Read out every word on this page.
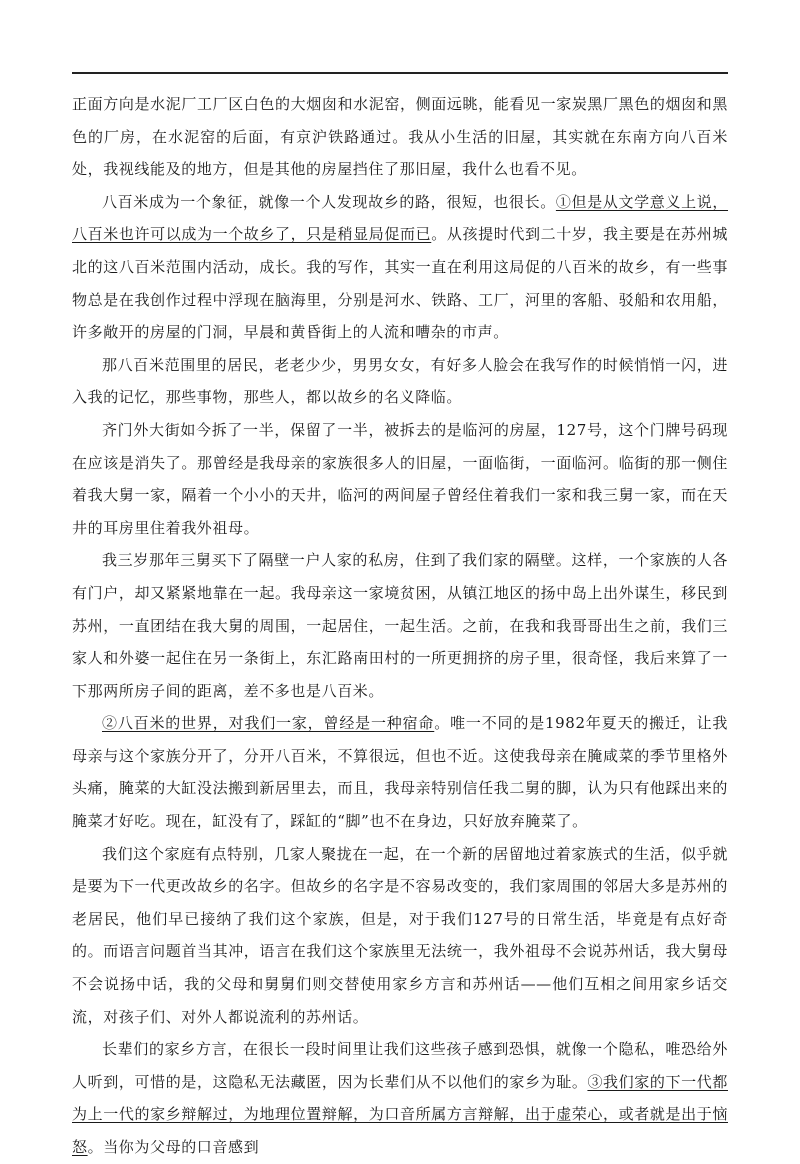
正面方向是水泥厂工厂区白色的大烟囱和水泥窑，侧面远眺，能看见一家炭黑厂黑色的烟囱和黑色的厂房，在水泥窑的后面，有京沪铁路通过。我从小生活的旧屋，其实就在东南方向八百米处，我视线能及的地方，但是其他的房屋挡住了那旧屋，我什么也看不见。

八百米成为一个象征，就像一个人发现故乡的路，很短，也很长。①但是从文学意义上说，八百米也许可以成为一个故乡了，只是稍显局促而已。从孩提时代到二十岁，我主要是在苏州城北的这八百米范围内活动，成长。我的写作，其实一直在利用这局促的八百米的故乡，有一些事物总是在我创作过程中浮现在脑海里，分别是河水、铁路、工厂，河里的客船、驳船和农用船，许多敞开的房屋的门洞，早晨和黄昏街上的人流和嘈杂的市声。

那八百米范围里的居民，老老少少，男男女女，有好多人脸会在我写作的时候悄悄一闪，进入我的记忆，那些事物，那些人，都以故乡的名义降临。

齐门外大街如今拆了一半，保留了一半，被拆去的是临河的房屋，127号，这个门牌号码现在应该是消失了。那曾经是我母亲的家族很多人的旧屋，一面临街，一面临河。临街的那一侧住着我大舅一家，隔着一个小小的天井，临河的两间屋子曾经住着我们一家和我三舅一家，而在天井的耳房里住着我外祖母。

我三岁那年三舅买下了隔壁一户人家的私房，住到了我们家的隔壁。这样，一个家族的人各有门户，却又紧紧地靠在一起。我母亲这一家境贫困，从镇江地区的扬中岛上出外谋生，移民到苏州，一直团结在我大舅的周围，一起居住，一起生活。之前，在我和我哥哥出生之前，我们三家人和外婆一起住在另一条街上，东汇路南田村的一所更拥挤的房子里，很奇怪，我后来算了一下那两所房子间的距离，差不多也是八百米。

②八百米的世界，对我们一家，曾经是一种宿命。唯一不同的是1982年夏天的搬迁，让我母亲与这个家族分开了，分开八百米，不算很远，但也不近。这使我母亲在腌咸菜的季节里格外头痛，腌菜的大缸没法搬到新居里去，而且，我母亲特别信任我二舅的脚，认为只有他踩出来的腌菜才好吃。现在，缸没有了，踩缸的“脚”也不在身边，只好放弃腌菜了。

我们这个家庭有点特别，几家人聚拢在一起，在一个新的居留地过着家族式的生活，似乎就是要为下一代更改故乡的名字。但故乡的名字是不容易改变的，我们家周围的邻居大多是苏州的老居民，他们早已接纳了我们这个家族，但是，对于我们127号的日常生活，毕竟是有点好奇的。而语言问题首当其冲，语言在我们这个家族里无法统一，我外祖母不会说苏州话，我大舅母不会说扬中话，我的父母和舅舅们则交替使用家乡方言和苏州话——他们互相之间用家乡话交流，对孩子们、对外人都说流利的苏州话。

长辈们的家乡方言，在很长一段时间里让我们这些孩子感到恐惧，就像一个隐私，唯恐给外人听到，可惜的是，这隐私无法藏匿，因为长辈们从不以他们的家乡为耻。③我们家的下一代都为上一代的家乡辩解过，为地理位置辩解，为口音所属方言辩解，出于虚荣心，或者就是出于恼怒。当你为父母的口音感到
